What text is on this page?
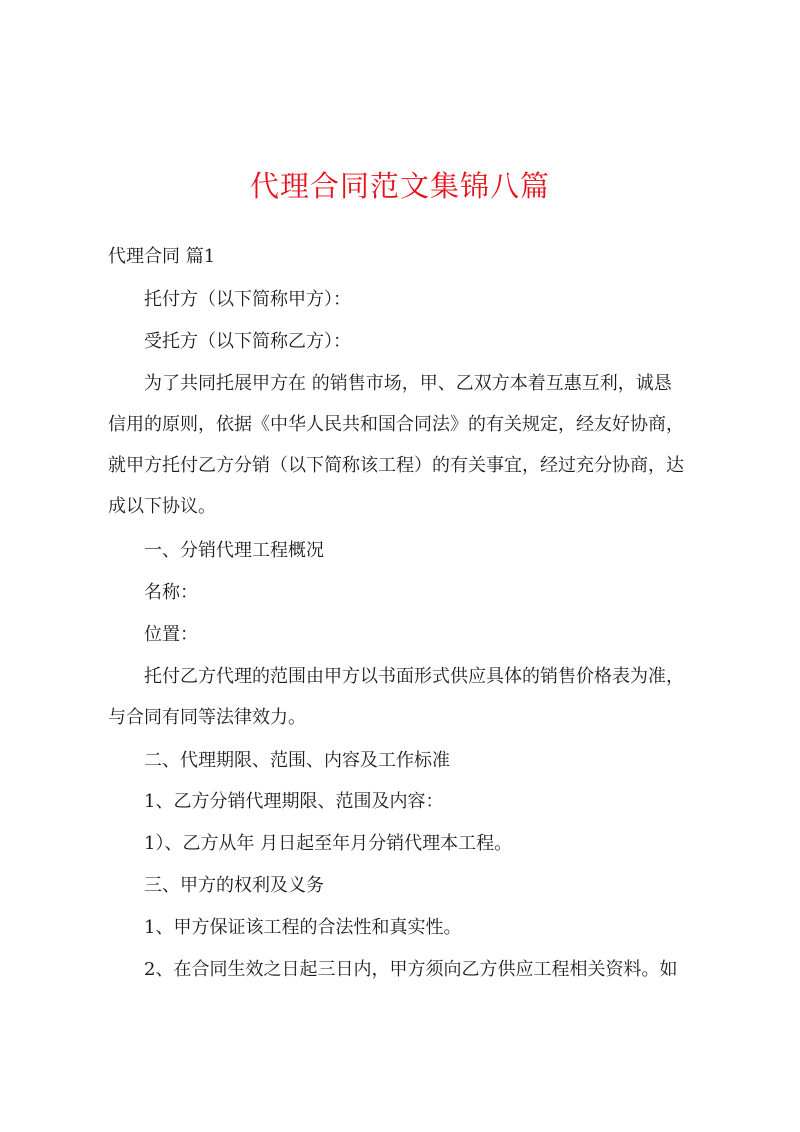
代理合同范文集锦八篇
代理合同 篇1
　　托付方（以下简称甲方）：
　　受托方（以下简称乙方）：
　　为了共同托展甲方在 的销售市场，甲、乙双方本着互惠互利，诚恳
信用的原则，依据《中华人民共和国合同法》的有关规定，经友好协商，
就甲方托付乙方分销（以下简称该工程）的有关事宜，经过充分协商，达
成以下协议。
　　一、分销代理工程概况
　　名称：
　　位置：
　　托付乙方代理的范围由甲方以书面形式供应具体的销售价格表为准，
与合同有同等法律效力。
　　二、代理期限、范围、内容及工作标准
　　1、乙方分销代理期限、范围及内容：
　　1）、乙方从年 月日起至年月分销代理本工程。
　　三、甲方的权利及义务
　　1、甲方保证该工程的合法性和真实性。
　　2、在合同生效之日起三日内，甲方须向乙方供应工程相关资料。如
